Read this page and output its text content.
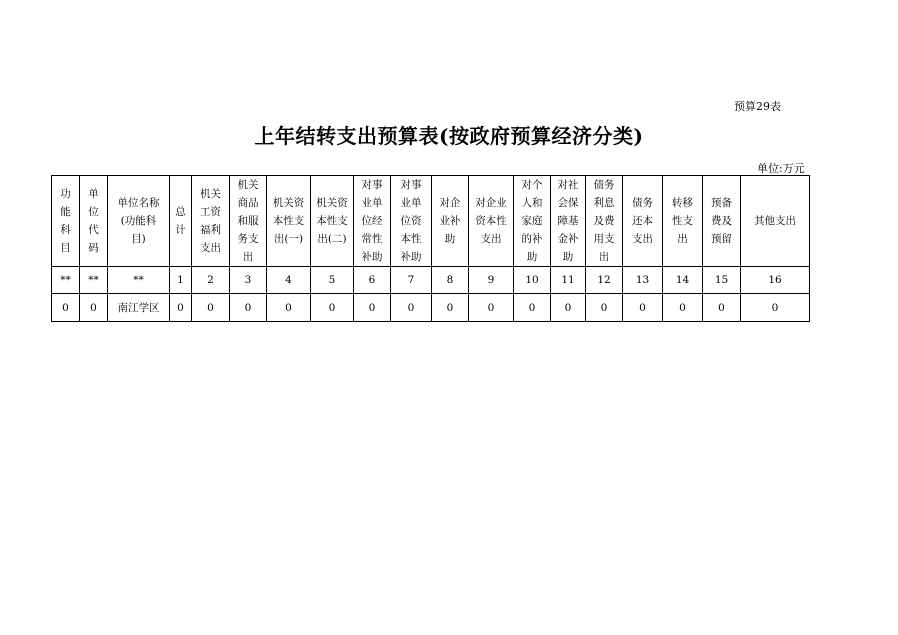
预算29表
上年结转支出预算表(按政府预算经济分类)
单位:万元
功
能
科
目	单
位
代
码	单位名称
(功能科
目)	总
计	机关
工资
福利
支出	机关
商品
和服
务支
出	机关资
本性支
出(一)	机关资
本性支
出(二)	对事
业单
位经
常性
补助	对事
业单
位资
本性
补助	对企
业补
助	对企业
资本性
支出	对个
人和
家庭
的补
助	对社
会保
障基
金补
助	债务
利息
及费
用支
出	债务
还本
支出	转移
性支
出	预备
费及
预留	其他支出
**	**	**	1	2	3	4	5	6	7	8	9	10	11	12	13	14	15	16
0	0	南江学区	0	0	0	0	0	0	0	0	0	0	0	0	0	0	0	0
